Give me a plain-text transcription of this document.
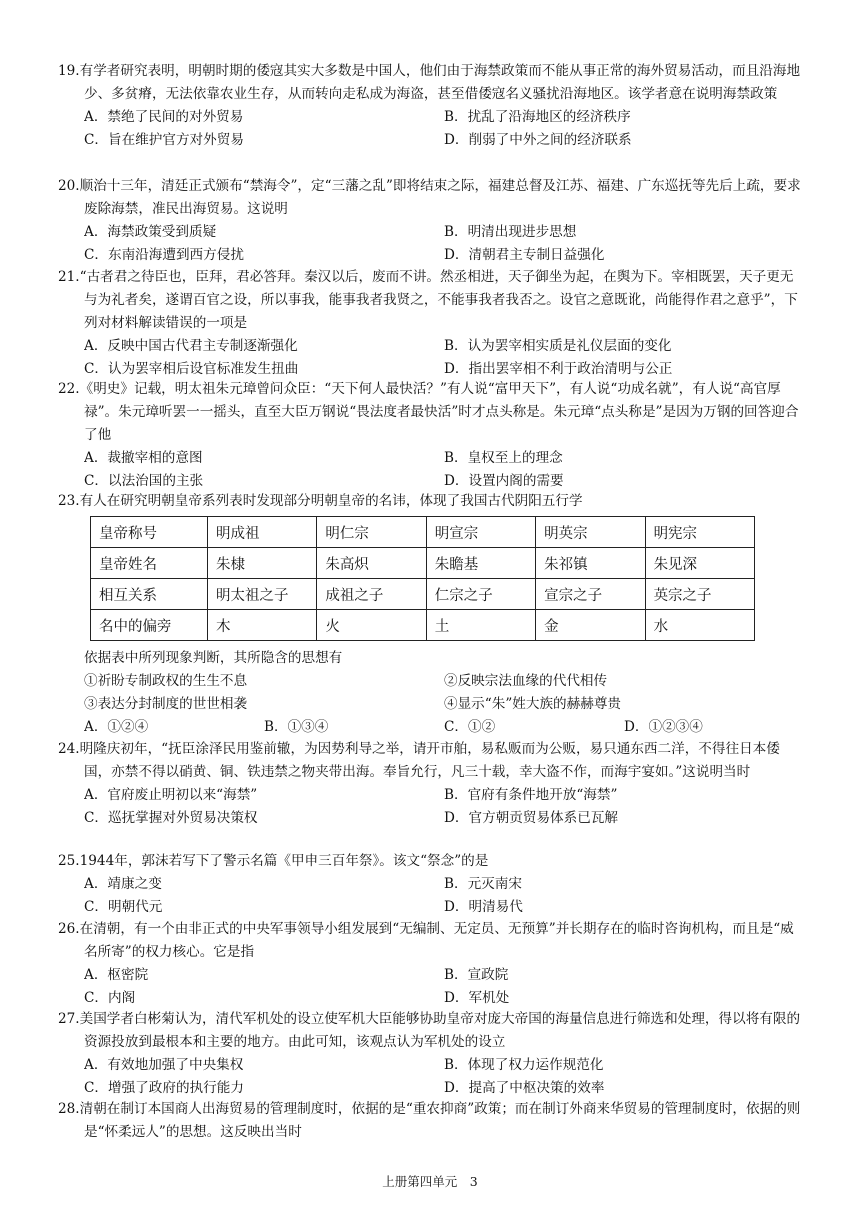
19.有学者研究表明，明朝时期的倭寇其实大多数是中国人，他们由于海禁政策而不能从事正常的海外贸易活动，而且沿海地少、多贫瘠，无法依靠农业生存，从而转向走私成为海盗，甚至借倭寇名义骚扰沿海地区。该学者意在说明海禁政策

A．禁绝了民间的对外贸易	B．扰乱了沿海地区的经济秩序
C．旨在维护官方对外贸易	D．削弱了中外之间的经济联系

20.顺治十三年，清廷正式颁布“禁海令”，定“三藩之乱”即将结束之际，福建总督及江苏、福建、广东巡抚等先后上疏，要求废除海禁，准民出海贸易。这说明

A．海禁政策受到质疑	B．明清出现进步思想
C．东南沿海遭到西方侵扰	D．清朝君主专制日益强化

21.“古者君之待臣也，臣拜，君必答拜。秦汉以后，废而不讲。然丞相进，天子御坐为起，在舆为下。宰相既罢，天子更无与为礼者矣，遂谓百官之设，所以事我，能事我者我贤之，不能事我者我否之。设官之意既讹，尚能得作君之意乎”，下列对材料解读错误的一项是

A．反映中国古代君主专制逐渐强化	B．认为罢宰相实质是礼仪层面的变化
C．认为罢宰相后设官标准发生扭曲	D．指出罢宰相不利于政治清明与公正

22.《明史》记载，明太祖朱元璋曾问众臣：“天下何人最快活？”有人说“富甲天下”，有人说“功成名就”，有人说“高官厚禄”。朱元璋听罢一一摇头，直至大臣万钢说“畏法度者最快活”时才点头称是。朱元璋“点头称是”是因为万钢的回答迎合了他

A．裁撤宰相的意图	B．皇权至上的理念
C．以法治国的主张	D．设置内阁的需要

23.有人在研究明朝皇帝系列表时发现部分明朝皇帝的名讳，体现了我国古代阴阳五行学

皇帝称号	明成祖	明仁宗	明宣宗	明英宗	明宪宗
皇帝姓名	朱棣	朱高炽	朱瞻基	朱祁镇	朱见深
相互关系	明太祖之子	成祖之子	仁宗之子	宣宗之子	英宗之子
名中的偏旁	木	火	土	金	水

依据表中所列现象判断，其所隐含的思想有

①祈盼专制政权的生生不息	②反映宗法血缘的代代相传
③表达分封制度的世世相袭	④显示“朱”姓大族的赫赫尊贵
A．①②④	B．①③④	C．①②	D．①②③④

24.明隆庆初年，“抚臣涂泽民用鉴前辙，为因势利导之举，请开市舶，易私贩而为公贩，易只通东西二洋，不得往日本倭国，亦禁不得以硝黄、铜、铁违禁之物夹带出海。奉旨允行，凡三十载，幸大盗不作，而海宇宴如。”这说明当时

A．官府废止明初以来“海禁”	B．官府有条件地开放“海禁”
C．巡抚掌握对外贸易决策权	D．官方朝贡贸易体系已瓦解

25.1944年，郭沫若写下了警示名篇《甲申三百年祭》。该文“祭念”的是

A．靖康之变	B．元灭南宋
C．明朝代元	D．明清易代

26.在清朝，有一个由非正式的中央军事领导小组发展到“无编制、无定员、无预算”并长期存在的临时咨询机构，而且是“威名所寄”的权力核心。它是指

A．枢密院	B．宣政院
C．内阁	D．军机处

27.美国学者白彬菊认为，清代军机处的设立使军机大臣能够协助皇帝对庞大帝国的海量信息进行筛选和处理，得以将有限的资源投放到最根本和主要的地方。由此可知，该观点认为军机处的设立

A．有效地加强了中央集权	B．体现了权力运作规范化
C．增强了政府的执行能力	D．提高了中枢决策的效率

28.清朝在制订本国商人出海贸易的管理制度时，依据的是“重农抑商”政策；而在制订外商来华贸易的管理制度时，依据的则是“怀柔远人”的思想。这反映出当时

上册第四单元　3
